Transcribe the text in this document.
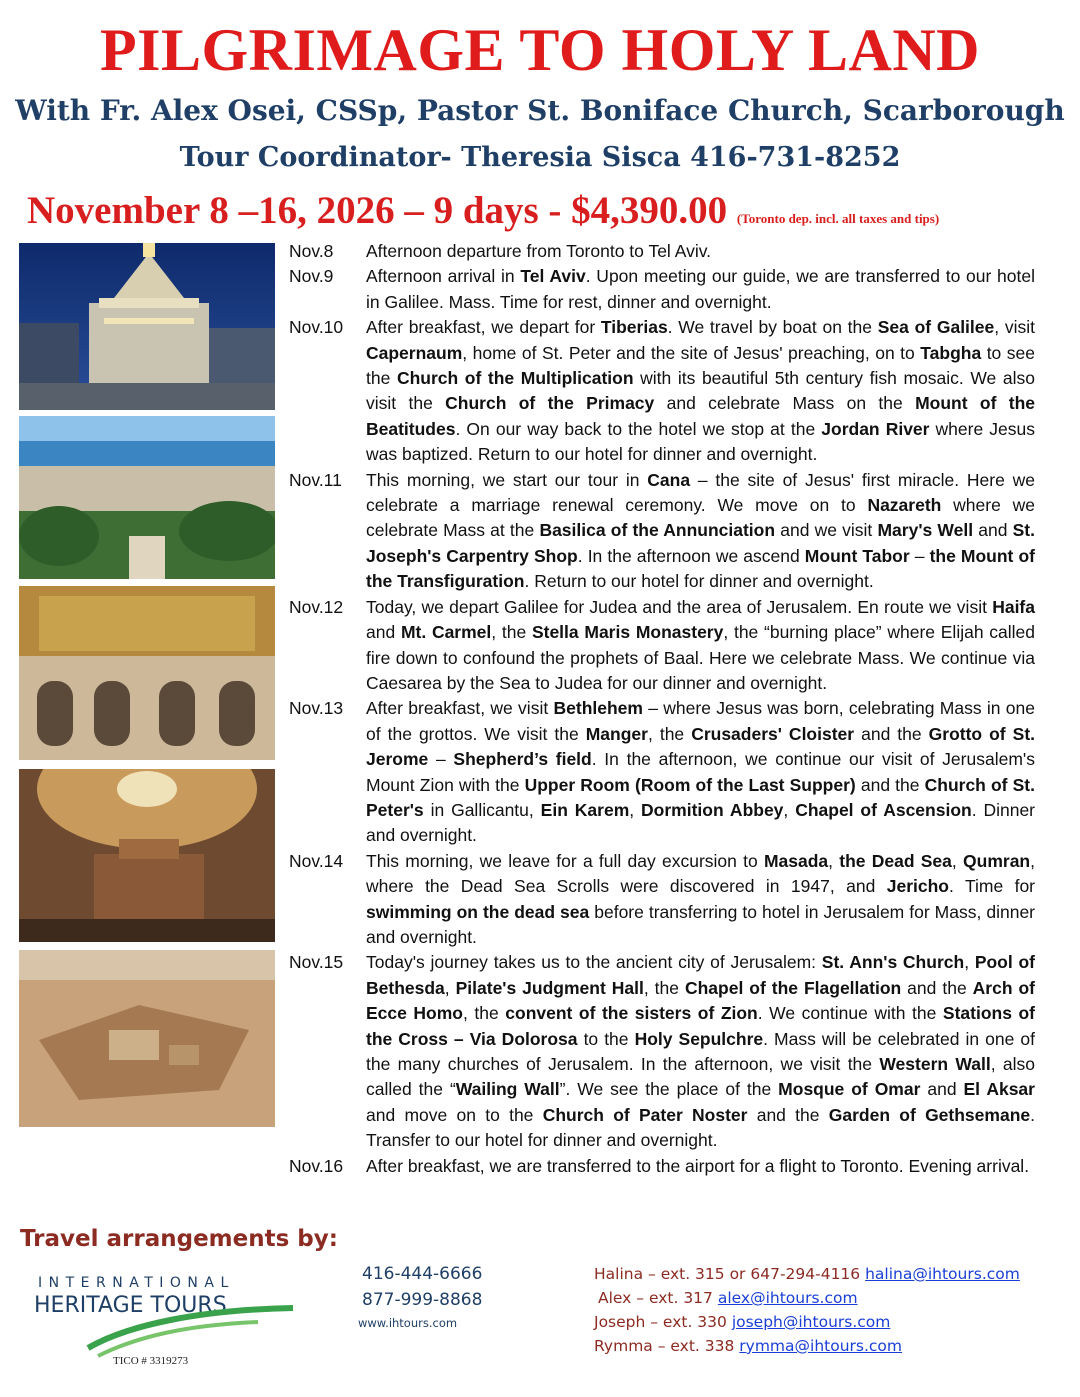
PILGRIMAGE TO HOLY LAND
With Fr. Alex Osei, CSSp, Pastor St. Boniface Church, Scarborough
Tour Coordinator- Theresia Sisca 416-731-8252
November 8 –16, 2026 – 9 days - $4,390.00 (Toronto dep. incl. all taxes and tips)
Nov.8	Afternoon departure from Toronto to Tel Aviv.
Nov.9	Afternoon arrival in Tel Aviv. Upon meeting our guide, we are transferred to our hotel in Galilee. Mass. Time for rest, dinner and overnight.
Nov.10	After breakfast, we depart for Tiberias. We travel by boat on the Sea of Galilee, visit Capernaum, home of St. Peter and the site of Jesus' preaching, on to Tabgha to see the Church of the Multiplication with its beautiful 5th century fish mosaic. We also visit the Church of the Primacy and celebrate Mass on the Mount of the Beatitudes. On our way back to the hotel we stop at the Jordan River where Jesus was baptized. Return to our hotel for dinner and overnight.
Nov.11	This morning, we start our tour in Cana – the site of Jesus' first miracle. Here we celebrate a marriage renewal ceremony. We move on to Nazareth where we celebrate Mass at the Basilica of the Annunciation and we visit Mary's Well and St. Joseph's Carpentry Shop. In the afternoon we ascend Mount Tabor – the Mount of the Transfiguration. Return to our hotel for dinner and overnight.
Nov.12	Today, we depart Galilee for Judea and the area of Jerusalem. En route we visit Haifa and Mt. Carmel, the Stella Maris Monastery, the “burning place” where Elijah called fire down to confound the prophets of Baal. Here we celebrate Mass. We continue via Caesarea by the Sea to Judea for our dinner and overnight.
Nov.13	After breakfast, we visit Bethlehem – where Jesus was born, celebrating Mass in one of the grottos. We visit the Manger, the Crusaders' Cloister and the Grotto of St. Jerome – Shepherd’s field. In the afternoon, we continue our visit of Jerusalem's Mount Zion with the Upper Room (Room of the Last Supper) and the Church of St. Peter's in Gallicantu, Ein Karem, Dormition Abbey, Chapel of Ascension. Dinner and overnight.
Nov.14	This morning, we leave for a full day excursion to Masada, the Dead Sea, Qumran, where the Dead Sea Scrolls were discovered in 1947, and Jericho. Time for swimming on the dead sea before transferring to hotel in Jerusalem for Mass, dinner and overnight.
Nov.15	Today's journey takes us to the ancient city of Jerusalem: St. Ann's Church, Pool of Bethesda, Pilate's Judgment Hall, the Chapel of the Flagellation and the Arch of Ecce Homo, the convent of the sisters of Zion. We continue with the Stations of the Cross – Via Dolorosa to the Holy Sepulchre. Mass will be celebrated in one of the many churches of Jerusalem. In the afternoon, we visit the Western Wall, also called the “Wailing Wall”. We see the place of the Mosque of Omar and El Aksar and move on to the Church of Pater Noster and the Garden of Gethsemane. Transfer to our hotel for dinner and overnight.
Nov.16	After breakfast, we are transferred to the airport for a flight to Toronto. Evening arrival.
Travel arrangements by:
INTERNATIONAL
HERITAGE TOURS
TICO # 3319273
416-444-6666
877-999-8868
www.ihtours.com
Halina – ext. 315 or 647-294-4116 halina@ihtours.com
Alex – ext. 317 alex@ihtours.com
Joseph – ext. 330 joseph@ihtours.com
Rymma – ext. 338 rymma@ihtours.com
